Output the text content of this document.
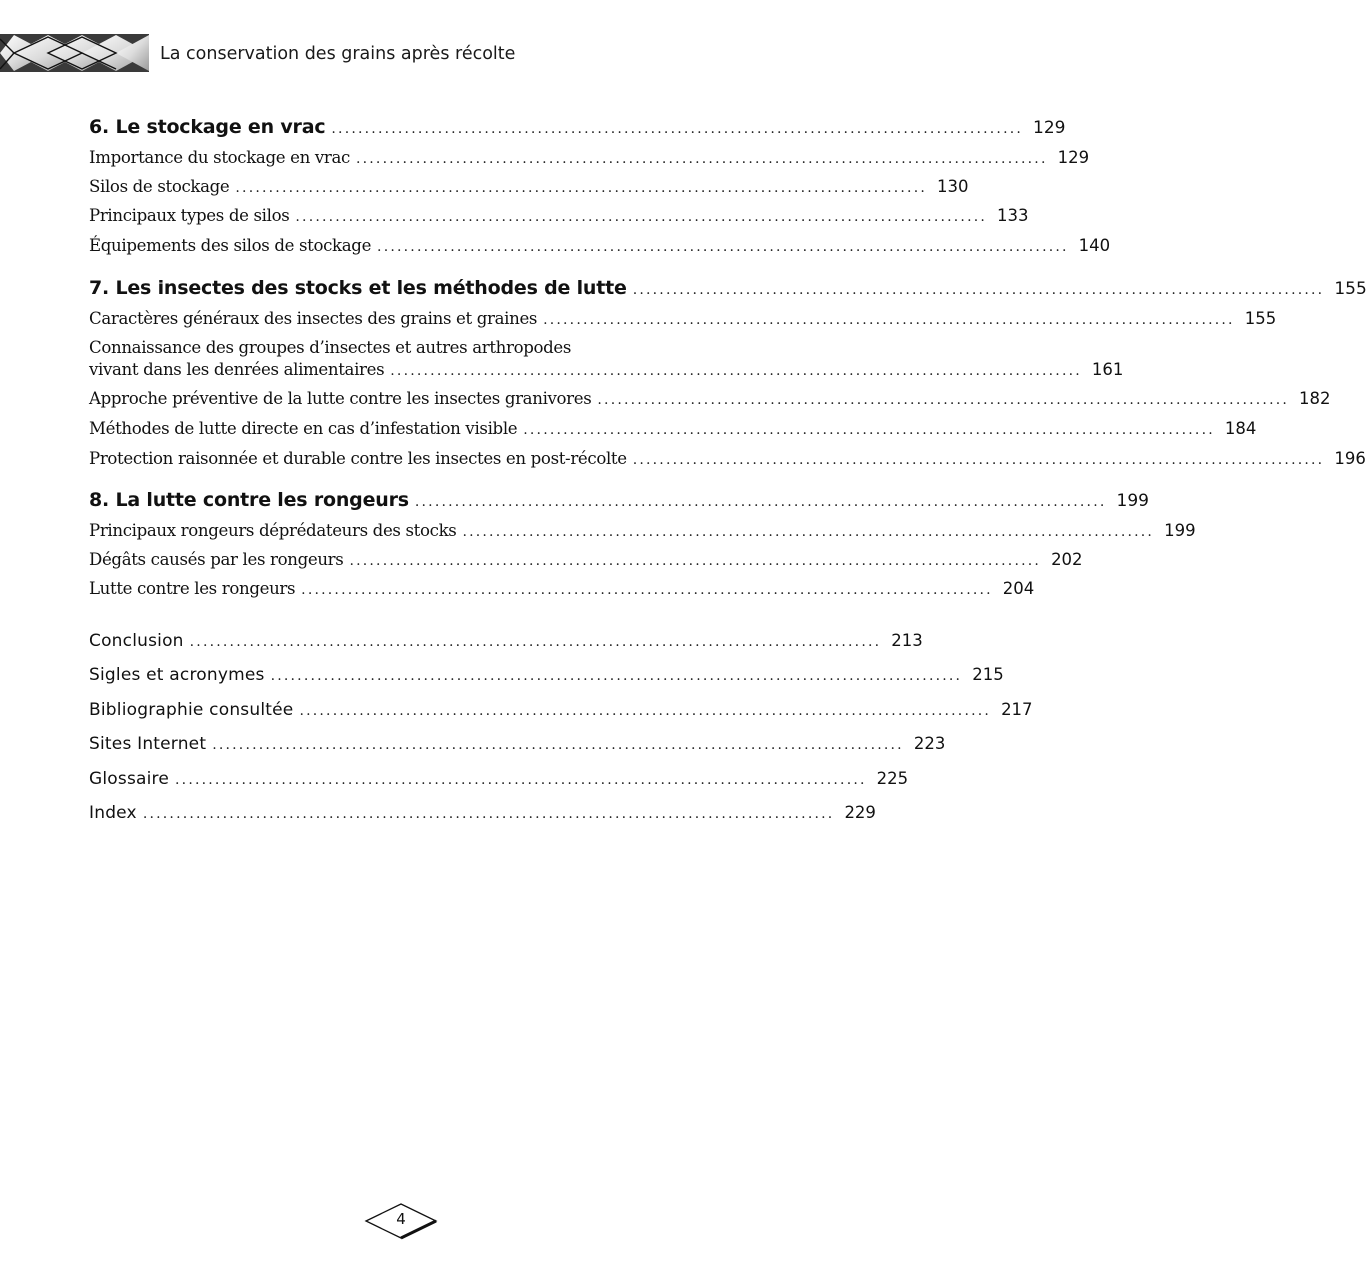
La conservation des grains après récolte
6. Le stockage en vrac ........................................................................................................ 129
Importance du stockage en vrac ........................................................................................................ 129
Silos de stockage ........................................................................................................ 130
Principaux types de silos ........................................................................................................ 133
Équipements des silos de stockage ........................................................................................................ 140
7. Les insectes des stocks et les méthodes de lutte ........................................................................................................ 155
Caractères généraux des insectes des grains et graines ........................................................................................................ 155
Connaissance des groupes d’insectes et autres arthropodes
vivant dans les denrées alimentaires ........................................................................................................ 161
Approche préventive de la lutte contre les insectes granivores ........................................................................................................ 182
Méthodes de lutte directe en cas d’infestation visible ........................................................................................................ 184
Protection raisonnée et durable contre les insectes en post-récolte ........................................................................................................ 196
8. La lutte contre les rongeurs ........................................................................................................ 199
Principaux rongeurs déprédateurs des stocks ........................................................................................................ 199
Dégâts causés par les rongeurs ........................................................................................................ 202
Lutte contre les rongeurs ........................................................................................................ 204
Conclusion ........................................................................................................ 213
Sigles et acronymes ........................................................................................................ 215
Bibliographie consultée ........................................................................................................ 217
Sites Internet ........................................................................................................ 223
Glossaire ........................................................................................................ 225
Index ........................................................................................................ 229
4
